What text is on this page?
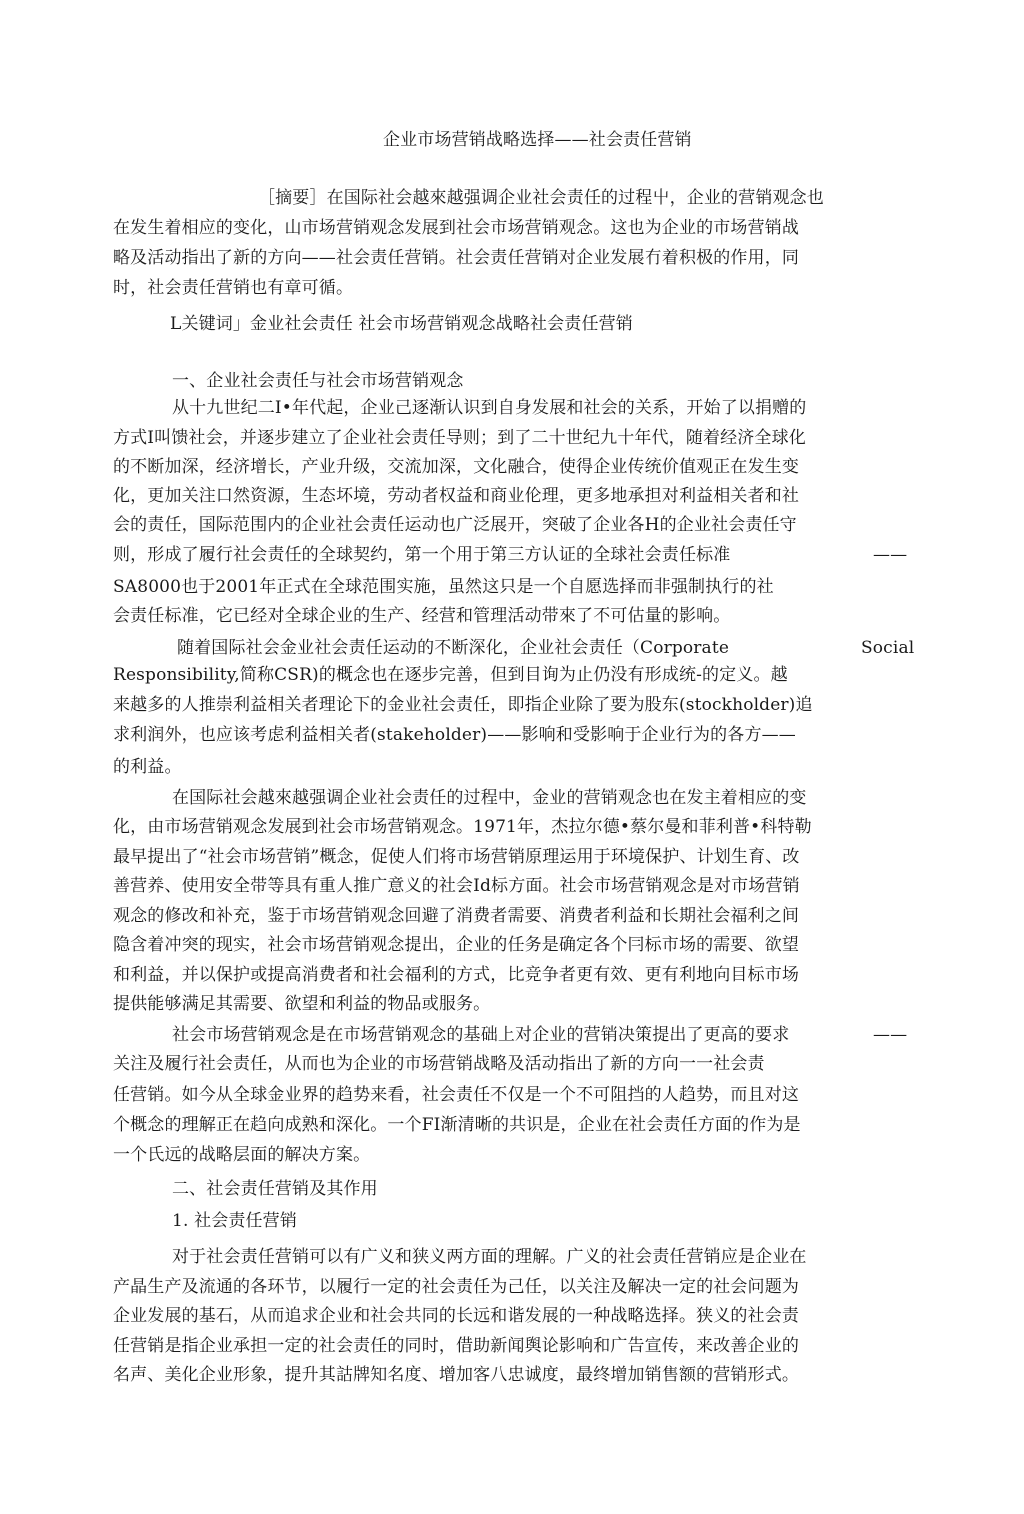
企业市场营销战略选择——社会责任营销
［摘要］在国际社会越來越强调企业社会责任的过程屮，企业的营销观念也
在发生着相应的变化，山市场营销观念发展到社会市场营销观念。这也为企业的市场营销战
略及活动指出了新的方向——社会责任营销。社会责任营销对企业发展冇着积极的作用，同
时，社会责任营销也有章可循。
L关键词」金业社会责任 社会市场营销观念战略社会责任营销
一、企业社会责任与社会市场营销观念
从十九世纪二I•年代起，企业己逐渐认识到自身发展和社会的关系，开始了以捐赠的
方式Ⅰ叫馈社会，并逐步建立了企业社会责任导则；到了二十世纪九十年代，随着经济全球化
的不断加深，经济增长，产业升级，交流加深，文化融合，使得企业传统价值观正在发生变
化，更加关注口然资源，生态坏境，劳动者权益和商业伦理，更多地承担对利益相关者和社
会的责任，国际范围内的企业社会责任运动也广泛展开，突破了企业各H的企业社会责任守
则，形成了履行社会责任的全球契约，第一个用于第三方认证的全球社会责任标准	——
SA8000也于2001年正式在全球范围实施，虽然这只是一个自愿选择而非强制执行的社
会责任标准，它已经对全球企业的生产、经营和管理活动带來了不可估量的影响。
随着国际社会金业社会责任运动的不断深化，企业社会责任（Corporate	Social
Responsibility,简称CSR)的概念也在逐步完善，但到目询为止仍没有形成统-的定义。越
来越多的人推崇利益相关者理论下的金业社会责任，即指企业除了要为股东(stockholder)追
求利润外，也应该考虑利益相关者(stakeholder)——影响和受影响于企业行为的各方——
的利益。
在国际社会越來越强调企业社会责任的过程中，金业的营销观念也在发主着相应的变
化，由市场营销观念发展到社会市场营销观念。1971年，杰拉尔德•蔡尔曼和菲利普•科特勒
最早提出了“社会市场营销”概念，促使人们将市场营销原理运用于环境保护、计划生育、改
善营养、使用安全带等具有重人推广意义的社会Id标方面。社会市场营销观念是对市场营销
观念的修改和补充，鉴于市场营销观念回避了消费者需要、消费者利益和长期社会福利之间
隐含着冲突的现实，社会市场营销观念提出，企业的任务是确定各个冃标市场的需要、欲望
和利益，并以保护或提高消费者和社会福利的方式，比竞争者更有效、更有利地向目标市场
提供能够满足其需要、欲望和利益的物品或服务。
社会市场营销观念是在市场营销观念的基础上对企业的营销决策提出了更高的要求	——
关注及履行社会责任，从而也为企业的市场营销战略及活动指出了新的方向一一社会责
任营销。如今从全球金业界的趋势来看，社会责任不仅是一个不可阻挡的人趋势，而且对这
个概念的理解正在趋向成熟和深化。一个FI渐清晰的共识是，企业在社会责任方面的作为是
一个氏远的战略层面的解决方案。
二、社会责任营销及其作用
1. 社会责任营销
对于社会责任营销可以有广义和狭义两方面的理解。广义的社会责任营销应是企业在
产晶生产及流通的各环节，以履行一定的社会责任为己任，以关注及解决一定的社会问题为
企业发展的基石，从而追求企业和社会共同的长远和谐发展的一种战略选择。狭义的社会责
任营销是指企业承担一定的社会责任的同时，借助新闻舆论影响和广告宣传，来改善企业的
名声、美化企业形象，提升其詁牌知名度、增加客八忠诚度，最终增加销售额的营销形式。
